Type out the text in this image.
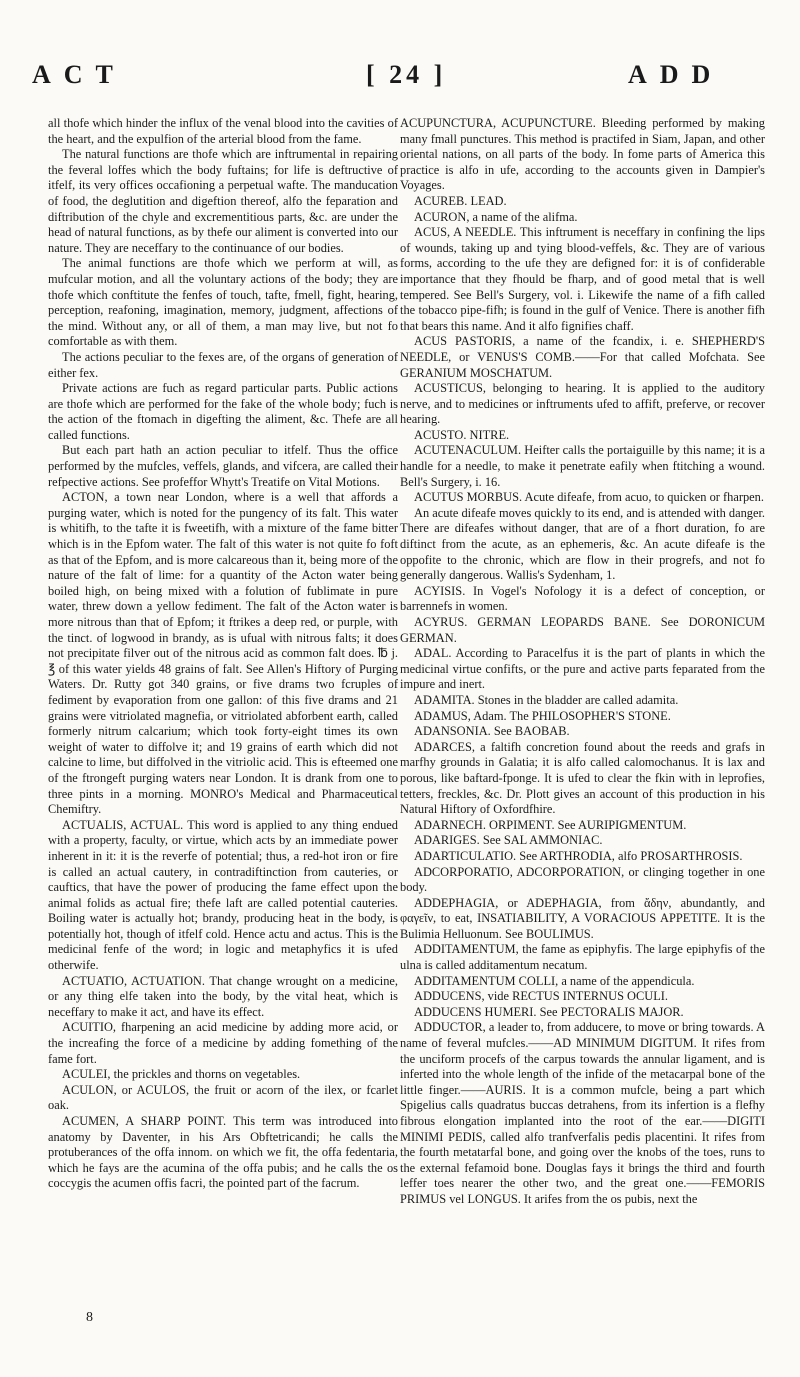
ACT	[ 24 ]	ADD

all thofe which hinder the influx of the venal blood into the cavities of the heart, and the expulfion of the arterial blood from the fame.

The natural functions are thofe which are inftrumental in repairing the feveral loffes which the body fuftains; for life is deftructive of itfelf, its very offices occafioning a perpetual wafte. The manducation of food, the deglutition and digeftion thereof, alfo the feparation and diftribution of the chyle and excrementitious parts, &c. are under the head of natural functions, as by thefe our aliment is converted into our nature. They are neceffary to the continuance of our bodies.

The animal functions are thofe which we perform at will, as mufcular motion, and all the voluntary actions of the body; they are thofe which conftitute the fenfes of touch, tafte, fmell, fight, hearing, perception, reafoning, imagination, memory, judgment, affections of the mind. Without any, or all of them, a man may live, but not fo comfortable as with them.

The actions peculiar to the fexes are, of the organs of generation of either fex.

Private actions are fuch as regard particular parts. Public actions are thofe which are performed for the fake of the whole body; fuch is the action of the ftomach in digefting the aliment, &c. Thefe are all called functions.

But each part hath an action peculiar to itfelf. Thus the office performed by the mufcles, veffels, glands, and vifcera, are called their refpective actions. See profeffor Whytt's Treatife on Vital Motions.

ACTON, a town near London, where is a well that affords a purging water, which is noted for the pungency of its falt. This water is whitifh, to the tafte it is fweetifh, with a mixture of the fame bitter which is in the Epfom water. The falt of this water is not quite fo foft as that of the Epfom, and is more calcareous than it, being more of the nature of the falt of lime: for a quantity of the Acton water being boiled high, on being mixed with a folution of fublimate in pure water, threw down a yellow fediment. The falt of the Acton water is more nitrous than that of Epfom; it ftrikes a deep red, or purple, with the tinct. of logwood in brandy, as is ufual with nitrous falts; it does not precipitate filver out of the nitrous acid as common falt does. ℔ j. ℥ of this water yields 48 grains of falt. See Allen's Hiftory of Purging Waters. Dr. Rutty got 340 grains, or five drams two fcruples of fediment by evaporation from one gallon: of this five drams and 21 grains were vitriolated magnefia, or vitriolated abforbent earth, called formerly nitrum calcarium; which took forty-eight times its own weight of water to diffolve it; and 19 grains of earth which did not calcine to lime, but diffolved in the vitriolic acid. This is efteemed one of the ftrongeft purging waters near London. It is drank from one to three pints in a morning. MONRO's Medical and Pharmaceutical Chemiftry.

ACTUALIS, ACTUAL. This word is applied to any thing endued with a property, faculty, or virtue, which acts by an immediate power inherent in it: it is the reverfe of potential; thus, a red-hot iron or fire is called an actual cautery, in contradiftinction from cauteries, or cauftics, that have the power of producing the fame effect upon the animal folids as actual fire; thefe laft are called potential cauteries. Boiling water is actually hot; brandy, producing heat in the body, is potentially hot, though of itfelf cold. Hence actu and actus. This is the medicinal fenfe of the word; in logic and metaphyfics it is ufed otherwife.

ACTUATIO, ACTUATION. That change wrought on a medicine, or any thing elfe taken into the body, by the vital heat, which is neceffary to make it act, and have its effect.

ACUITIO, fharpening an acid medicine by adding more acid, or the increafing the force of a medicine by adding fomething of the fame fort.

ACULEI, the prickles and thorns on vegetables.

ACULON, or ACULOS, the fruit or acorn of the ilex, or fcarlet oak.

ACUMEN, A SHARP POINT. This term was introduced into anatomy by Daventer, in his Ars Obftetricandi; he calls the protuberances of the offa innom. on which we fit, the offa fedentaria, which he fays are the acumina of the offa pubis; and he calls the os coccygis the acumen offis facri, the pointed part of the facrum.

8

ACUPUNCTURA, ACUPUNCTURE. Bleeding performed by making many fmall punctures. This method is practifed in Siam, Japan, and other oriental nations, on all parts of the body. In fome parts of America this practice is alfo in ufe, according to the accounts given in Dampier's Voyages.

ACUREB. LEAD.

ACURON, a name of the alifma.

ACUS, A NEEDLE. This inftrument is neceffary in confining the lips of wounds, taking up and tying blood-veffels, &c. They are of various forms, according to the ufe they are defigned for: it is of confiderable importance that they fhould be fharp, and of good metal that is well tempered. See Bell's Surgery, vol. i. Likewife the name of a fifh called the tobacco pipe-fifh; is found in the gulf of Venice. There is another fifh that bears this name. And it alfo fignifies chaff.

ACUS PASTORIS, a name of the fcandix, i. e. SHEPHERD'S NEEDLE, or VENUS'S COMB.——For that called Mofchata. See GERANIUM MOSCHATUM.

ACUSTICUS, belonging to hearing. It is applied to the auditory nerve, and to medicines or inftruments ufed to affift, preferve, or recover hearing.

ACUSTO. NITRE.

ACUTENACULUM. Heifter calls the portaiguille by this name; it is a handle for a needle, to make it penetrate eafily when ftitching a wound. Bell's Surgery, i. 16.

ACUTUS MORBUS. Acute difeafe, from acuo, to quicken or fharpen.

An acute difeafe moves quickly to its end, and is attended with danger. There are difeafes without danger, that are of a fhort duration, fo are diftinct from the acute, as an ephemeris, &c. An acute difeafe is the oppofite to the chronic, which are flow in their progrefs, and not fo generally dangerous. Wallis's Sydenham, 1.

ACYISIS. In Vogel's Nofology it is a defect of conception, or barrennefs in women.

ACYRUS. GERMAN LEOPARDS BANE. See DORONICUM GERMAN.

ADAL. According to Paracelfus it is the part of plants in which the medicinal virtue confifts, or the pure and active parts feparated from the impure and inert.

ADAMITA. Stones in the bladder are called adamita.

ADAMUS, Adam. The PHILOSOPHER'S STONE.

ADANSONIA. See BAOBAB.

ADARCES, a faltifh concretion found about the reeds and grafs in marfhy grounds in Galatia; it is alfo called calomochanus. It is lax and porous, like baftard-fponge. It is ufed to clear the fkin with in leprofies, tetters, freckles, &c. Dr. Plott gives an account of this production in his Natural Hiftory of Oxfordfhire.

ADARNECH. ORPIMENT. See AURIPIGMENTUM.

ADARIGES. See SAL AMMONIAC.

ADARTICULATIO. See ARTHRODIA, alfo PROSARTHROSIS.

ADCORPORATIO, ADCORPORATION, or clinging together in one body.

ADDEPHAGIA, or ADEPHAGIA, from ἄδην, abundantly, and φαγεῖν, to eat, INSATIABILITY, A VORACIOUS APPETITE. It is the Bulimia Helluonum. See BOULIMUS.

ADDITAMENTUM, the fame as epiphyfis. The large epiphyfis of the ulna is called additamentum necatum.

ADDITAMENTUM COLLI, a name of the appendicula.

ADDUCENS, vide RECTUS INTERNUS OCULI.

ADDUCENS HUMERI. See PECTORALIS MAJOR.

ADDUCTOR, a leader to, from adducere, to move or bring towards. A name of feveral mufcles.——AD MINIMUM DIGITUM. It rifes from the unciform procefs of the carpus towards the annular ligament, and is inferted into the whole length of the infide of the metacarpal bone of the little finger.——AURIS. It is a common mufcle, being a part which Spigelius calls quadratus buccas detrahens, from its infertion is a flefhy fibrous elongation implanted into the root of the ear.——DIGITI MINIMI PEDIS, called alfo tranfverfalis pedis placentini. It rifes from the fourth metatarfal bone, and going over the knobs of the toes, runs to the external fefamoid bone. Douglas fays it brings the third and fourth leffer toes nearer the other two, and the great one.——FEMORIS PRIMUS vel LONGUS. It arifes from the os pubis, next the
